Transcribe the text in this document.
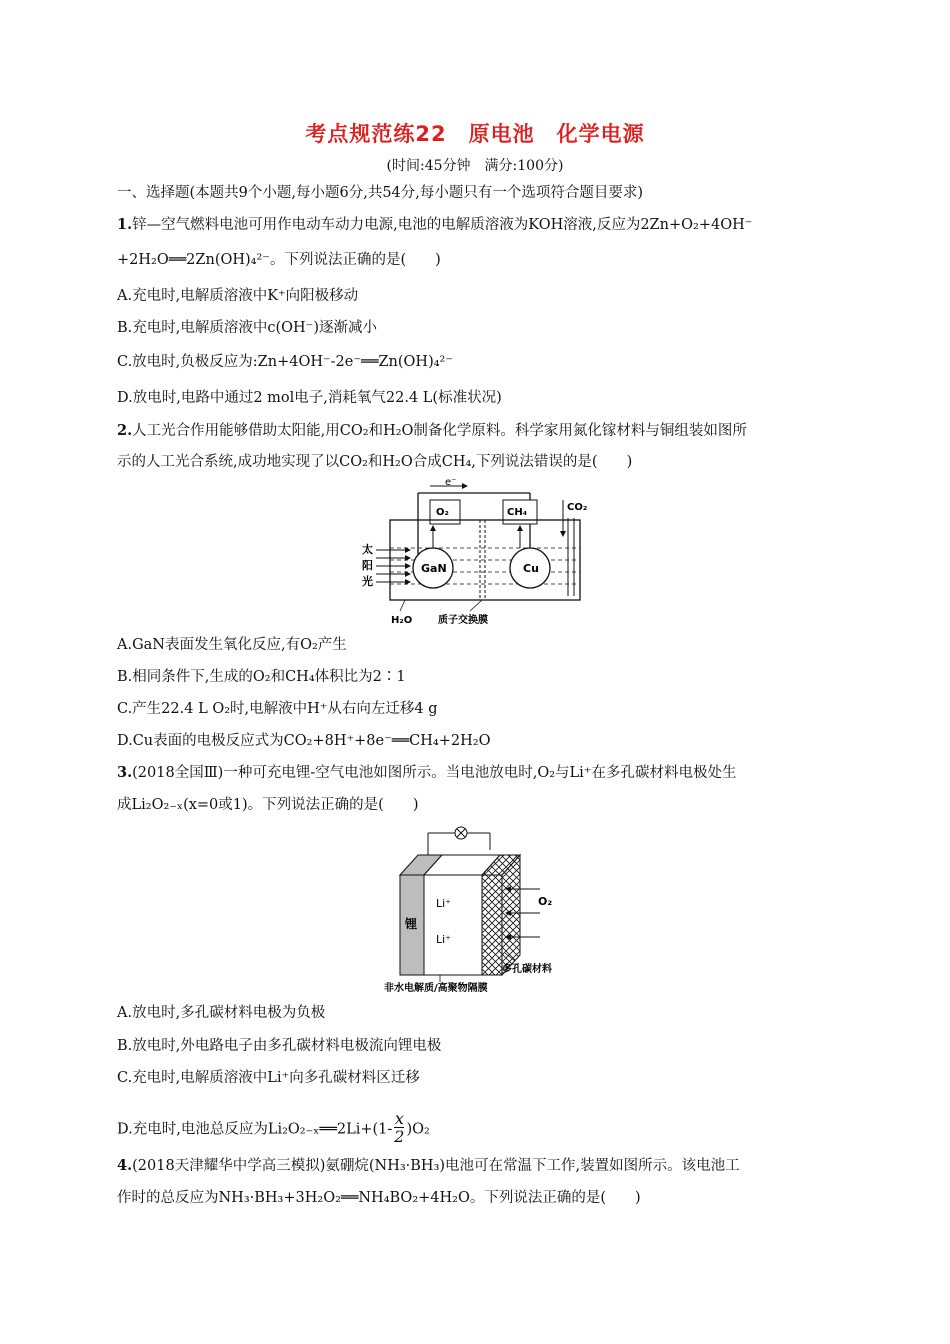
考点规范练22　原电池　化学电源
(时间:45分钟　满分:100分)
一、选择题(本题共9个小题,每小题6分,共54分,每小题只有一个选项符合题目要求)
1.锌—空气燃料电池可用作电动车动力电源,电池的电解质溶液为KOH溶液,反应为2Zn+O₂+4OH⁻
+2H₂O══2Zn(OH)₄²⁻。下列说法正确的是(　　)
A.充电时,电解质溶液中K⁺向阳极移动
B.充电时,电解质溶液中c(OH⁻)逐渐减小
C.放电时,负极反应为:Zn+4OH⁻-2e⁻══Zn(OH)₄²⁻
D.放电时,电路中通过2 mol电子,消耗氧气22.4 L(标准状况)
2.人工光合作用能够借助太阳能,用CO₂和H₂O制备化学原料。科学家用氮化镓材料与铜组装如图所
示的人工光合系统,成功地实现了以CO₂和H₂O合成CH₄,下列说法错误的是(　　)
e⁻
O₂	CH₄	CO₂
GaN	Cu
太
阳
光
H₂O	质子交换膜
A.GaN表面发生氧化反应,有O₂产生
B.相同条件下,生成的O₂和CH₄体积比为2∶1
C.产生22.4 L O₂时,电解液中H⁺从右向左迁移4 g
D.Cu表面的电极反应式为CO₂+8H⁺+8e⁻══CH₄+2H₂O
3.(2018全国Ⅲ)一种可充电锂-空气电池如图所示。当电池放电时,O₂与Li⁺在多孔碳材料电极处生
成Li₂O₂₋ₓ(x=0或1)。下列说法正确的是(　　)
锂
Li⁺
Li⁺
O₂
多孔碳材料
非水电解质/高聚物隔膜
A.放电时,多孔碳材料电极为负极
B.放电时,外电路电子由多孔碳材料电极流向锂电极
C.充电时,电解质溶液中Li⁺向多孔碳材料区迁移
D.充电时,电池总反应为Li₂O₂₋ₓ══2Li+(1- $\frac{x}{2} )O_2$
4.(2018天津耀华中学高三模拟)氨硼烷(NH₃·BH₃)电池可在常温下工作,装置如图所示。该电池工
作时的总反应为NH₃·BH₃+3H₂O₂══NH₄BO₂+4H₂O。下列说法正确的是(　　)
